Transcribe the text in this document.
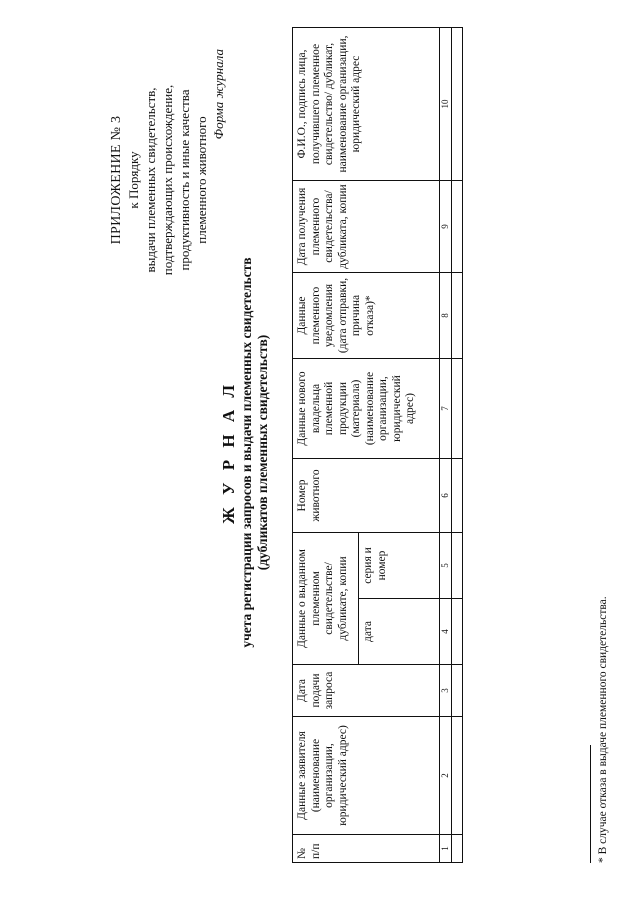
ПРИЛОЖЕНИЕ № 3 к Порядку выдачи племенных свидетельств, подтверждающих происхождение, продуктивность и иные качества племенного животного
Форма журнала
Ж У Р Н А Л учета регистрации запросов и выдачи племенных свидетельств (дубликатов племенных свидетельств)
№ п/п	Данные заявителя (наименование организации, юридический адрес)	Дата подачи запроса	Данные о выданном племенном свидетельстве/ дубликате, копии		Номер животного	Данные нового владельца племенной продукции (материала) (наименование организации, юридический адрес)	Данные племенного уведомления (дата отправки, причина отказа)*	Дата получения племенного свидетельства/ дубликата, копии	Ф.И.О., подпись лица, получившего племенное свидетельство/ дубликат, наименование организации, юридический адрес
			дата	серия и номер					
1	2	3	4	5	6	7	8	9	10

* В случае отказа в выдаче племенного свидетельства.
